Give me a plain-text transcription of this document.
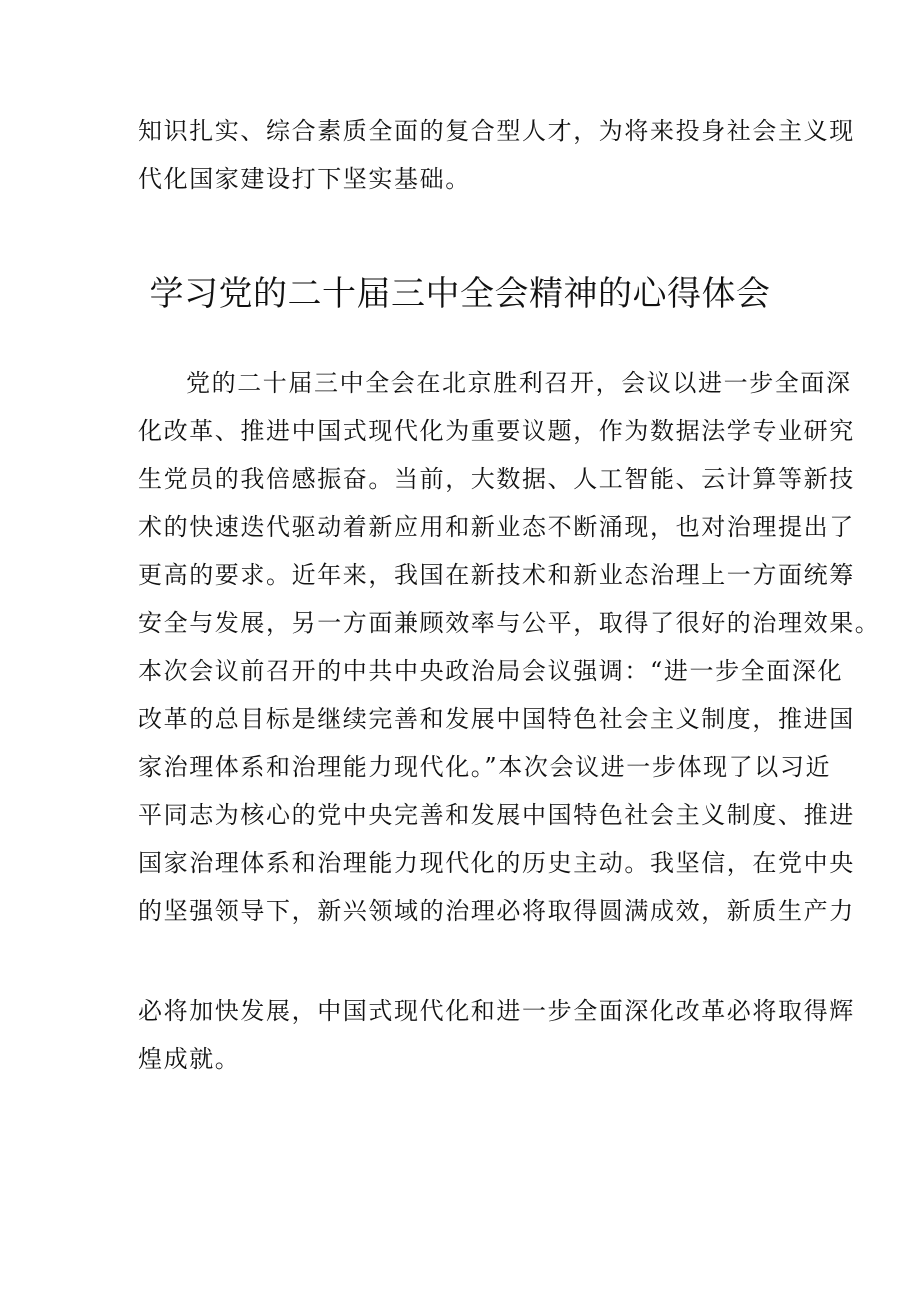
知识扎实、综合素质全面的复合型人才，为将来投身社会主义现
代化国家建设打下坚实基础。
学习党的二十届三中全会精神的心得体会
党的二十届三中全会在北京胜利召开，会议以进一步全面深
化改革、推进中国式现代化为重要议题，作为数据法学专业研究
生党员的我倍感振奋。当前，大数据、人工智能、云计算等新技
术的快速迭代驱动着新应用和新业态不断涌现，也对治理提出了
更高的要求。近年来，我国在新技术和新业态治理上一方面统筹
安全与发展，另一方面兼顾效率与公平，取得了很好的治理效果。
本次会议前召开的中共中央政治局会议强调：“进一步全面深化
改革的总目标是继续完善和发展中国特色社会主义制度，推进国
家治理体系和治理能力现代化。”本次会议进一步体现了以习近
平同志为核心的党中央完善和发展中国特色社会主义制度、推进
国家治理体系和治理能力现代化的历史主动。我坚信，在党中央
的坚强领导下，新兴领域的治理必将取得圆满成效，新质生产力
必将加快发展，中国式现代化和进一步全面深化改革必将取得辉
煌成就。
